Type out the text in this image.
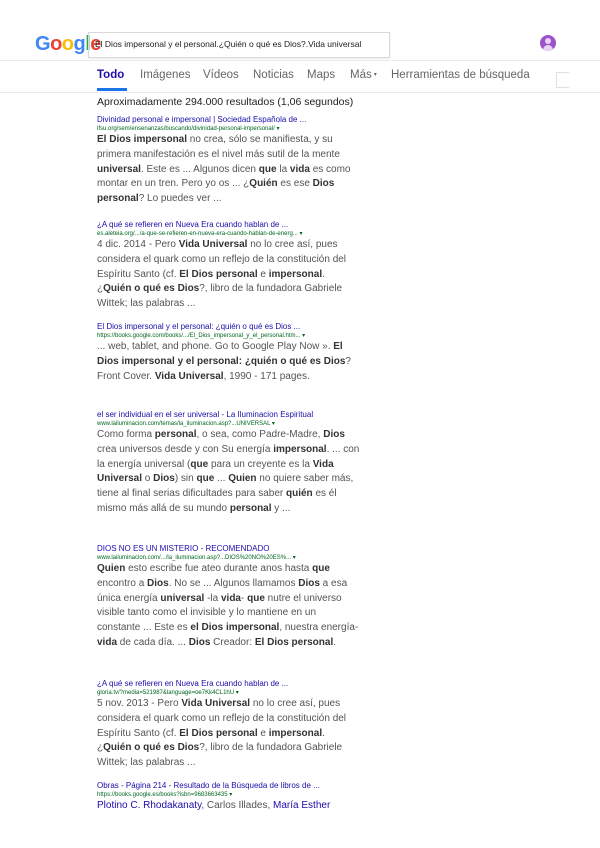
Google
El Dios impersonal y el personal.¿Quién o qué es Dios?.Vida universal
Todo Imágenes Vídeos Noticias Maps Más ▾ Herramientas de búsqueda
Aproximadamente 294.000 resultados (1,06 segundos)
Divinidad personal e impersonal | Sociedad Española de ...
ifsu.org/sem/ensenanzas/buscando/divinidad-personal-impersonal/ ▾
El Dios impersonal no crea, sólo se manifiesta, y su primera manifestación es el nivel más sutil de la mente universal. Este es ... Algunos dicen que la vida es como montar en un tren. Pero yo os ... ¿Quién es ese Dios personal? Lo puedes ver ...
¿A qué se refieren en Nueva Era cuando hablan de ...
es.aleteia.org/.../a-que-se-refieren-en-nueva-era-cuando-hablan-de-energ... ▾
4 dic. 2014 - Pero Vida Universal no lo cree así, pues considera el quark como un reflejo de la constitución del Espíritu Santo (cf. El Dios personal e impersonal. ¿Quién o qué es Dios?, libro de la fundadora Gabriele Wittek; las palabras ...
El Dios impersonal y el personal: ¿quién o qué es Dios ...
https://books.google.com/books/.../El_Dios_impersonal_y_el_personal.htm... ▾
... web, tablet, and phone. Go to Google Play Now ». El Dios impersonal y el personal: ¿quién o qué es Dios? Front Cover. Vida Universal, 1990 - 171 pages.
el ser individual en el ser universal - La Iluminacion Espiritual
www.lailuminacion.com/temas/la_iluminacion.asp?...UNIVERSAL ▾
Como forma personal, o sea, como Padre-Madre, Dios crea universos desde y con Su energía impersonal. ... con la energía universal (que para un creyente es la Vida Universal o Dios) sin que ... Quien no quiere saber más, tiene al final serias dificultades para saber quién es él mismo más allá de su mundo personal y ...
DIOS NO ES UN MISTERIO - RECOMENDADO
www.lailuminacion.com/.../la_iluminacion.asp?...DIOS%20NO%20ES%... ▾
Quien esto escribe fue ateo durante anos hasta que encontro a Dios. No se ... Algunos llamamos Dios a esa única energía universal -la vida- que nutre el universo visible tanto como el invisible y lo mantiene en un constante ... Este es el Dios impersonal, nuestra energía-vida de cada día. ... Dios Creador: El Dios personal.
¿A qué se refieren en Nueva Era cuando hablan de ...
gloria.tv/?media=521987&language=oe7Kk4CL1hU ▾
5 nov. 2013 - Pero Vida Universal no lo cree así, pues considera el quark como un reflejo de la constitución del Espíritu Santo (cf. El Dios personal e impersonal. ¿Quién o qué es Dios?, libro de la fundadora Gabriele Wittek; las palabras ...
Obras - Página 214 - Resultado de la Búsqueda de libros de ...
https://books.google.es/books?isbn=9683663435 ▾
Plotino C. Rhodakanaty, Carlos Illades, María Esther
